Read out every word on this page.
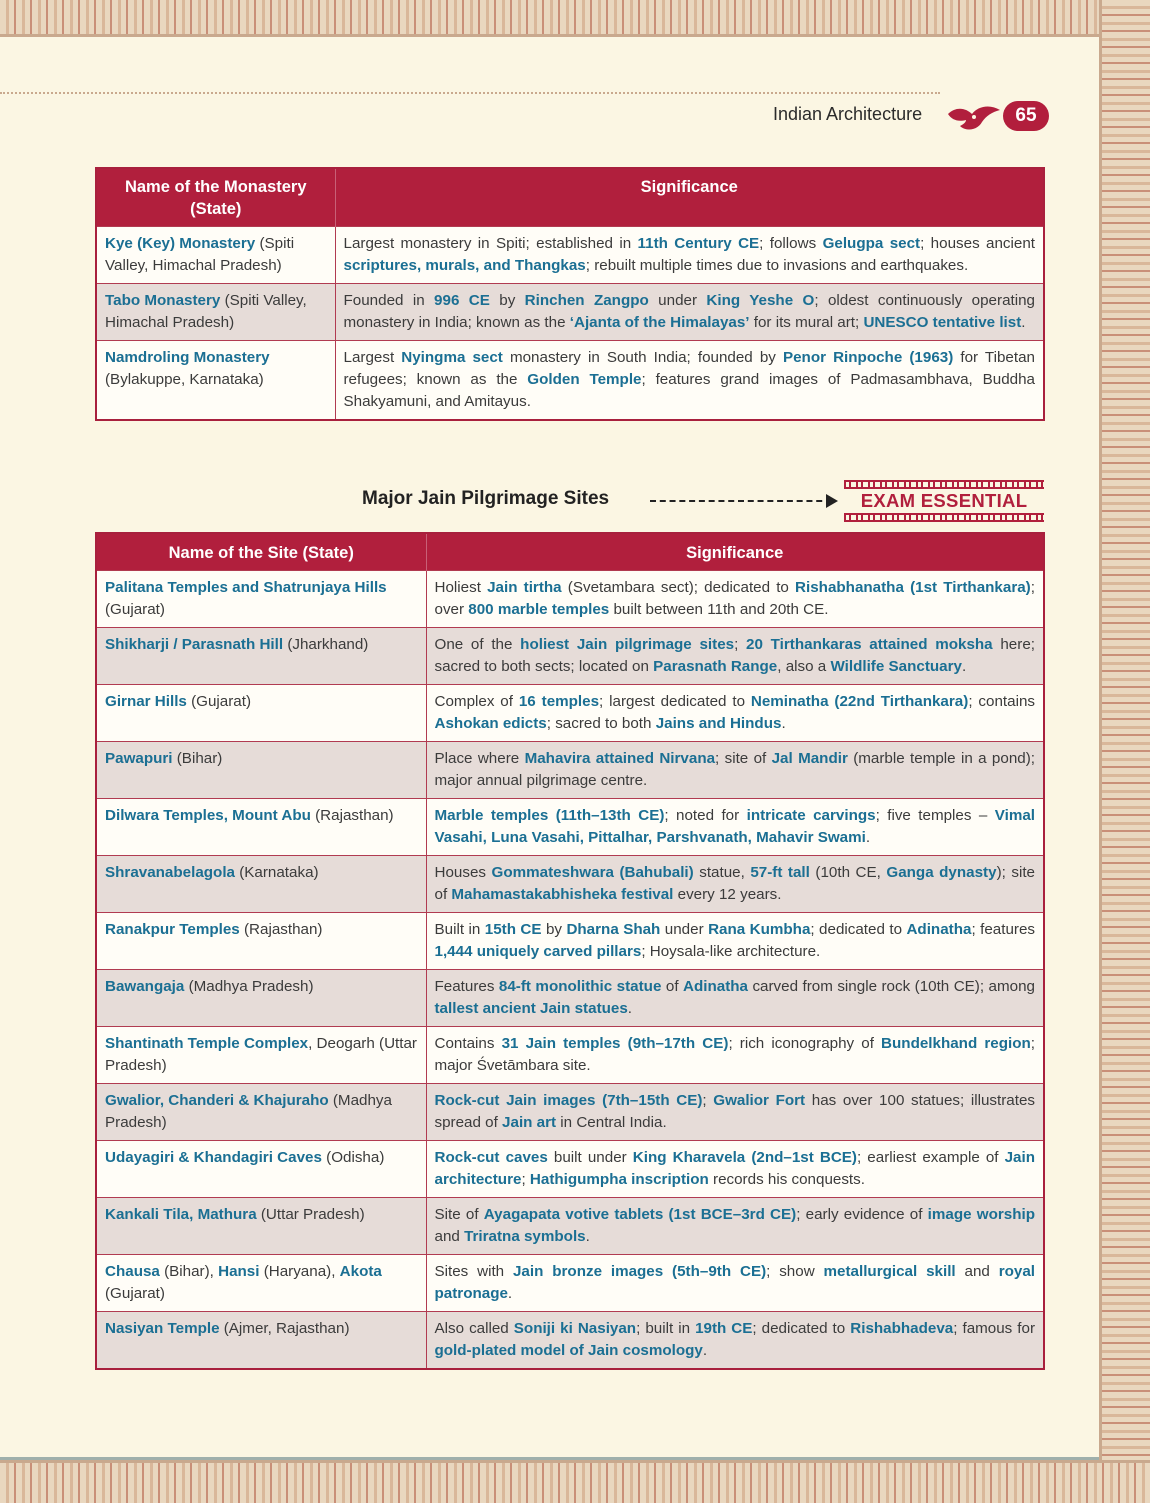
Indian Architecture	65
Name of the Monastery (State)	Significance
Kye (Key) Monastery (Spiti Valley, Himachal Pradesh)	Largest monastery in Spiti; established in 11th Century CE; follows Gelugpa sect; houses ancient scriptures, murals, and Thangkas; rebuilt multiple times due to invasions and earthquakes.
Tabo Monastery (Spiti Valley, Himachal Pradesh)	Founded in 996 CE by Rinchen Zangpo under King Yeshe O; oldest continuously operating monastery in India; known as the ‘Ajanta of the Himalayas’ for its mural art; UNESCO tentative list.
Namdroling Monastery (Bylakuppe, Karnataka)	Largest Nyingma sect monastery in South India; founded by Penor Rinpoche (1963) for Tibetan refugees; known as the Golden Temple; features grand images of Padmasambhava, Buddha Shakyamuni, and Amitayus.
Major Jain Pilgrimage Sites	EXAM ESSENTIAL
Name of the Site (State)	Significance
Palitana Temples and Shatrunjaya Hills (Gujarat)	Holiest Jain tirtha (Svetambara sect); dedicated to Rishabhanatha (1st Tirthankara); over 800 marble temples built between 11th and 20th CE.
Shikharji / Parasnath Hill (Jharkhand)	One of the holiest Jain pilgrimage sites; 20 Tirthankaras attained moksha here; sacred to both sects; located on Parasnath Range, also a Wildlife Sanctuary.
Girnar Hills (Gujarat)	Complex of 16 temples; largest dedicated to Neminatha (22nd Tirthankara); contains Ashokan edicts; sacred to both Jains and Hindus.
Pawapuri (Bihar)	Place where Mahavira attained Nirvana; site of Jal Mandir (marble temple in a pond); major annual pilgrimage centre.
Dilwara Temples, Mount Abu (Rajasthan)	Marble temples (11th–13th CE); noted for intricate carvings; five temples – Vimal Vasahi, Luna Vasahi, Pittalhar, Parshvanath, Mahavir Swami.
Shravanabelagola (Karnataka)	Houses Gommateshwara (Bahubali) statue, 57-ft tall (10th CE, Ganga dynasty); site of Mahamastakabhisheka festival every 12 years.
Ranakpur Temples (Rajasthan)	Built in 15th CE by Dharna Shah under Rana Kumbha; dedicated to Adinatha; features 1,444 uniquely carved pillars; Hoysala-like architecture.
Bawangaja (Madhya Pradesh)	Features 84-ft monolithic statue of Adinatha carved from single rock (10th CE); among tallest ancient Jain statues.
Shantinath Temple Complex, Deogarh (Uttar Pradesh)	Contains 31 Jain temples (9th–17th CE); rich iconography of Bundelkhand region; major Śvetāmbara site.
Gwalior, Chanderi & Khajuraho (Madhya Pradesh)	Rock-cut Jain images (7th–15th CE); Gwalior Fort has over 100 statues; illustrates spread of Jain art in Central India.
Udayagiri & Khandagiri Caves (Odisha)	Rock-cut caves built under King Kharavela (2nd–1st BCE); earliest example of Jain architecture; Hathigumpha inscription records his conquests.
Kankali Tila, Mathura (Uttar Pradesh)	Site of Ayagapata votive tablets (1st BCE–3rd CE); early evidence of image worship and Triratna symbols.
Chausa (Bihar), Hansi (Haryana), Akota (Gujarat)	Sites with Jain bronze images (5th–9th CE); show metallurgical skill and royal patronage.
Nasiyan Temple (Ajmer, Rajasthan)	Also called Soniji ki Nasiyan; built in 19th CE; dedicated to Rishabhadeva; famous for gold-plated model of Jain cosmology.
